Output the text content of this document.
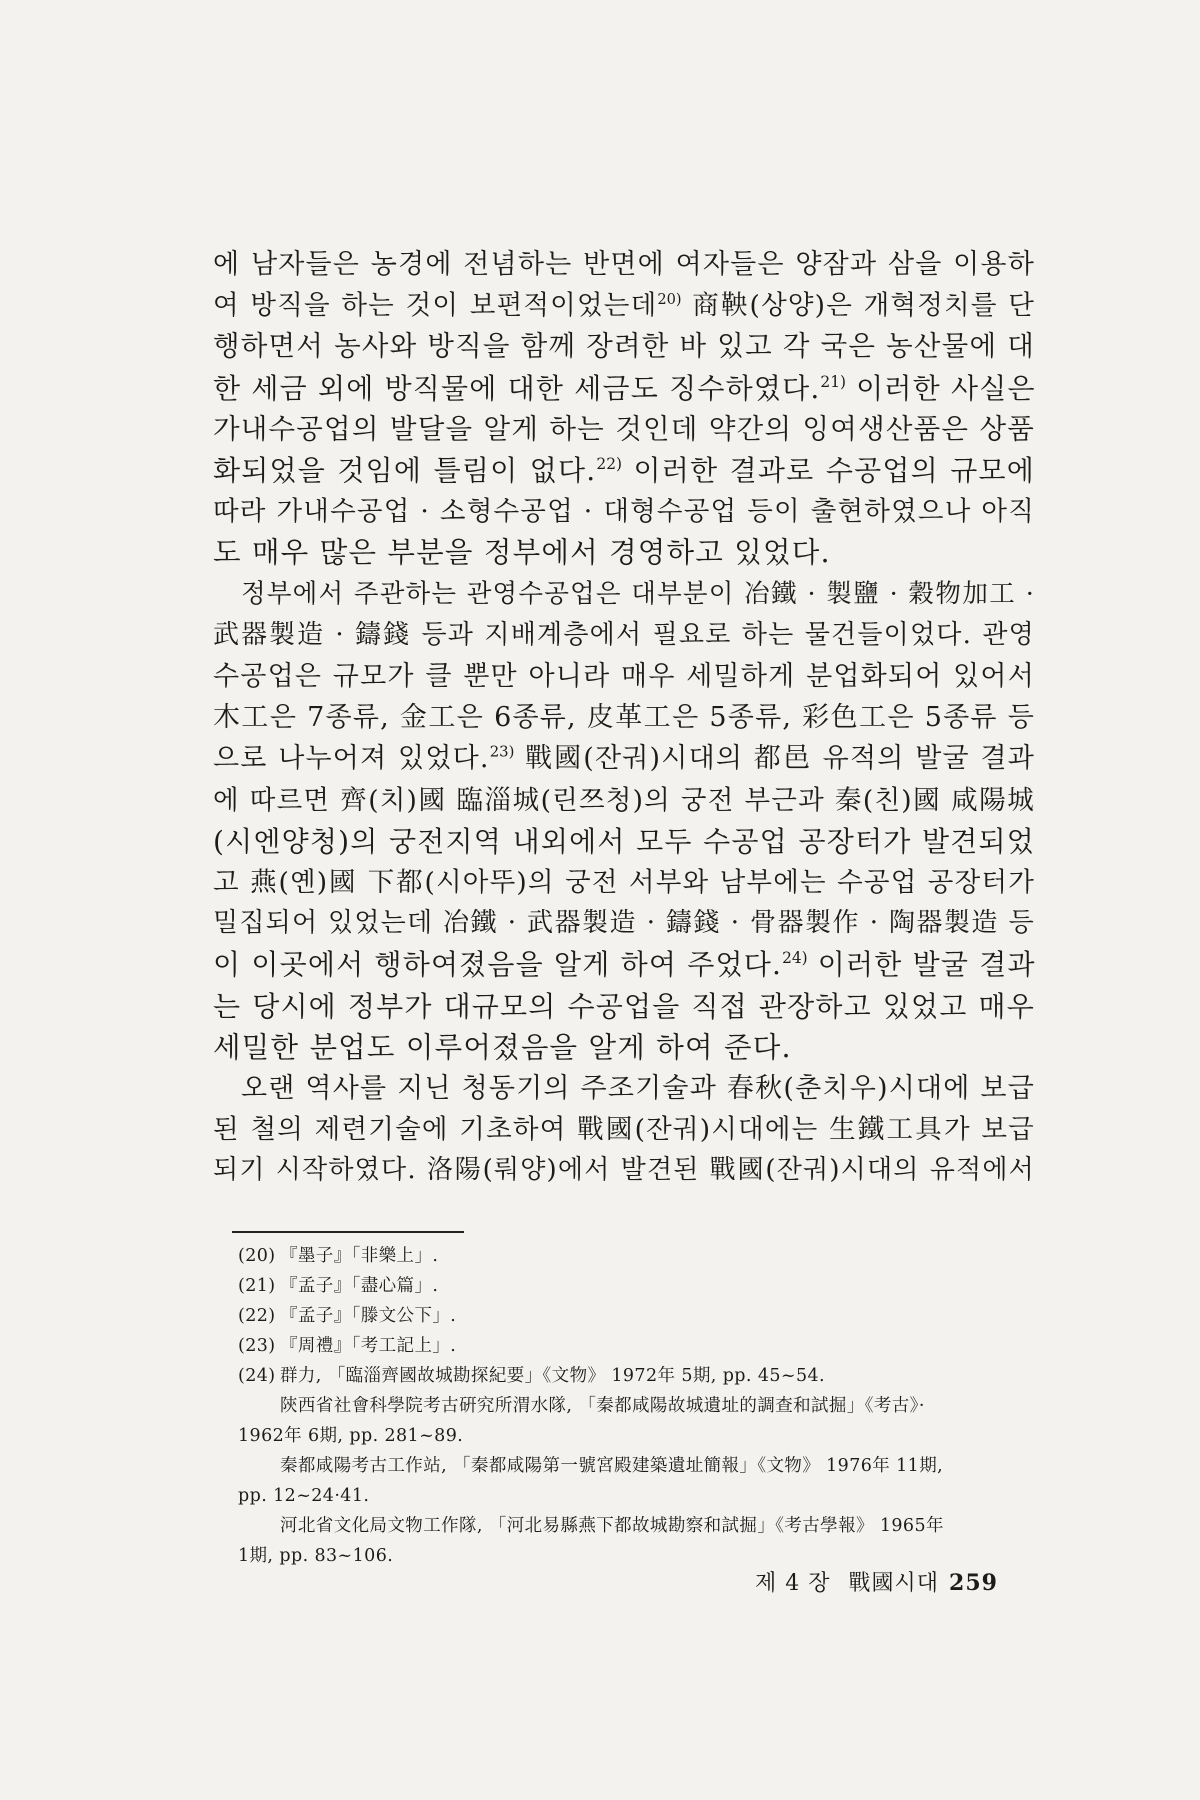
에 남자들은 농경에 전념하는 반면에 여자들은 양잠과 삼을 이용하
여 방직을 하는 것이 보편적이었는데$^{20)}$ 商鞅(상양)은 개혁정치를 단
행하면서 농사와 방직을 함께 장려한 바 있고 각 국은 농산물에 대
한 세금 외에 방직물에 대한 세금도 징수하였다.$^{21)}$ 이러한 사실은
가내수공업의 발달을 알게 하는 것인데 약간의 잉여생산품은 상품
화되었을 것임에 틀림이 없다.$^{22)}$ 이러한 결과로 수공업의 규모에
따라 가내수공업 · 소형수공업 · 대형수공업 등이 출현하였으나 아직
도 매우 많은 부분을 정부에서 경영하고 있었다.
정부에서 주관하는 관영수공업은 대부분이 冶鐵 · 製鹽 · 穀物加工 ·
武器製造 · 鑄錢 등과 지배계층에서 필요로 하는 물건들이었다. 관영
수공업은 규모가 클 뿐만 아니라 매우 세밀하게 분업화되어 있어서
木工은 7종류, 金工은 6종류, 皮革工은 5종류, 彩色工은 5종류 등
으로 나누어져 있었다.$^{23)}$ 戰國(잔궈)시대의 都邑 유적의 발굴 결과
에 따르면 齊(치)國 臨淄城(린쯔청)의 궁전 부근과 秦(친)國 咸陽城
(시엔양청)의 궁전지역 내외에서 모두 수공업 공장터가 발견되었
고 燕(옌)國 下都(시아뚜)의 궁전 서부와 남부에는 수공업 공장터가
밀집되어 있었는데 冶鐵 · 武器製造 · 鑄錢 · 骨器製作 · 陶器製造 등
이 이곳에서 행하여졌음을 알게 하여 주었다.$^{24)}$ 이러한 발굴 결과
는 당시에 정부가 대규모의 수공업을 직접 관장하고 있었고 매우
세밀한 분업도 이루어졌음을 알게 하여 준다.
오랜 역사를 지닌 청동기의 주조기술과 春秋(춘치우)시대에 보급
된 철의 제련기술에 기초하여 戰國(잔궈)시대에는 生鐵工具가 보급
되기 시작하였다. 洛陽(뤄양)에서 발견된 戰國(잔궈)시대의 유적에서
(20) 『墨子』「非樂上」.
(21) 『孟子』「盡心篇」.
(22) 『孟子』「滕文公下」.
(23) 『周禮』「考工記上」.
(24) 群力, 「臨淄齊國故城勘探紀要」《文物》 1972年 5期, pp. 45~54.
陝西省社會科學院考古硏究所渭水隊, 「秦都咸陽故城遺址的調查和試掘」《考古》·
1962年 6期, pp. 281~89.
秦都咸陽考古工作站, 「秦都咸陽第一號宮殿建築遺址簡報」《文物》 1976年 11期,
pp. 12~24·41.
河北省文化局文物工作隊, 「河北易縣燕下都故城勘察和試掘」《考古學報》 1965年
1期, pp. 83~106.
제 4 장 戰國시대 259
